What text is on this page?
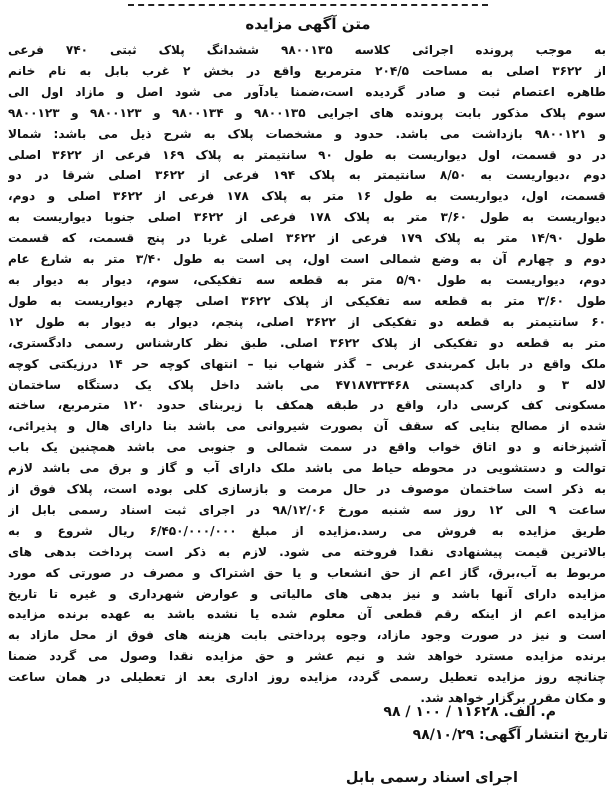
متن آگهی مزایده
به موجب پرونده اجرائی کلاسه ۹۸۰۰۱۳۵ ششدانگ پلاک ثبتی ۷۴۰ فرعی
از ۳۶۲۲ اصلی به مساحت ۲۰۴/۵ مترمربع واقع در بخش ۲ غرب بابل به نام خانم
طاهره اعتصام ثبت و صادر گردیده است،ضمنا یادآور می شود اصل و مازاد اول الی
سوم پلاک مذکور بابت پرونده های اجرایی ۹۸۰۰۱۳۵ و ۹۸۰۰۱۳۴ و ۹۸۰۰۱۲۳ و ۹۸۰۰۱۲۳
و ۹۸۰۰۱۲۱ بازداشت می باشد. حدود و مشخصات پلاک به شرح ذیل می باشد: شمالا
در دو قسمت، اول دیواریست به طول ۹۰ سانتیمتر به پلاک ۱۶۹ فرعی از ۳۶۲۲ اصلی
دوم ،دیواریست به ۸/۵۰ سانتیمتر به پلاک ۱۹۴ فرعی از ۳۶۲۲ اصلی شرقا در دو
قسمت، اول، دیواریست به طول ۱۶ متر به پلاک ۱۷۸ فرعی از ۳۶۲۲ اصلی و دوم،
دیواریست به طول ۳/۶۰ متر به پلاک ۱۷۸ فرعی از ۳۶۲۲ اصلی جنوبا دیواریست به
طول ۱۴/۹۰ متر به پلاک ۱۷۹ فرعی از ۳۶۲۲ اصلی غربا در پنج قسمت، که قسمت
دوم و چهارم آن به وضع شمالی است اول، پی است به طول ۳/۴۰ متر به شارع عام
دوم، دیواریست به طول ۵/۹۰ متر به قطعه سه تفکیکی، سوم، دیوار به دیوار به
طول ۳/۶۰ متر به قطعه سه تفکیکی از پلاک ۳۶۲۲ اصلی چهارم دیواریست به طول
۶۰ سانتیمتر به قطعه دو تفکیکی از ۳۶۲۲ اصلی، پنجم، دیوار به دیوار به طول ۱۲
متر به قطعه دو تفکیکی از پلاک ۳۶۲۲ اصلی. طبق نظر کارشناس رسمی دادگستری،
ملک واقع در بابل کمربندی غربی – گذر شهاب نیا – انتهای کوچه حر ۱۴ درزیکتی کوچه
لاله ۳ و دارای کدپستی ۴۷۱۸۷۳۳۴۶۸ می باشد داخل پلاک یک دستگاه ساختمان
مسکونی کف کرسی دار، واقع در طبقه همکف با زیربنای حدود ۱۲۰ مترمربع، ساخته
شده از مصالح بنایی که سقف آن بصورت شیروانی می باشد بنا دارای هال و پذیرائی،
آشپزخانه و دو اتاق خواب واقع در سمت شمالی و جنوبی می باشد همچنین یک باب
توالت و دستشویی در محوطه حیاط می باشد ملک دارای آب و گاز و برق می باشد لازم
به ذکر است ساختمان موصوف در حال مرمت و بازسازی کلی بوده است، پلاک فوق از
ساعت ۹ الی ۱۲ روز سه شنبه مورخ ۹۸/۱۲/۰۶ در اجرای ثبت اسناد رسمی بابل از
طریق مزایده به فروش می رسد.مزایده از مبلغ ۶/۴۵۰/۰۰۰/۰۰۰ ریال شروع و به
بالاترین قیمت پیشنهادی نقدا فروخته می شود. لازم به ذکر است پرداخت بدهی های
مربوط به آب،برق، گاز اعم از حق انشعاب و یا حق اشتراک و مصرف در صورتی که مورد
مزایده دارای آنها باشد و نیز بدهی های مالیاتی و عوارض شهرداری و غیره تا تاریخ
مزایده اعم از اینکه رقم قطعی آن معلوم شده یا نشده باشد به عهده برنده مزایده
است و نیز در صورت وجود مازاد، وجوه پرداختی بابت هزینه های فوق از محل مازاد به
برنده مزایده مسترد خواهد شد و نیم عشر و حق مزایده نقدا وصول می گردد ضمنا
چنانچه روز مزایده تعطیل رسمی گردد، مزایده روز اداری بعد از تعطیلی در همان ساعت
و مکان مقرر برگزار خواهد شد.
م. الف. ۱۱۶۲۸ / ۱۰۰ / ۹۸
تاریخ انتشار آگهی: ۹۸/۱۰/۲۹
اجرای اسناد رسمی بابل
